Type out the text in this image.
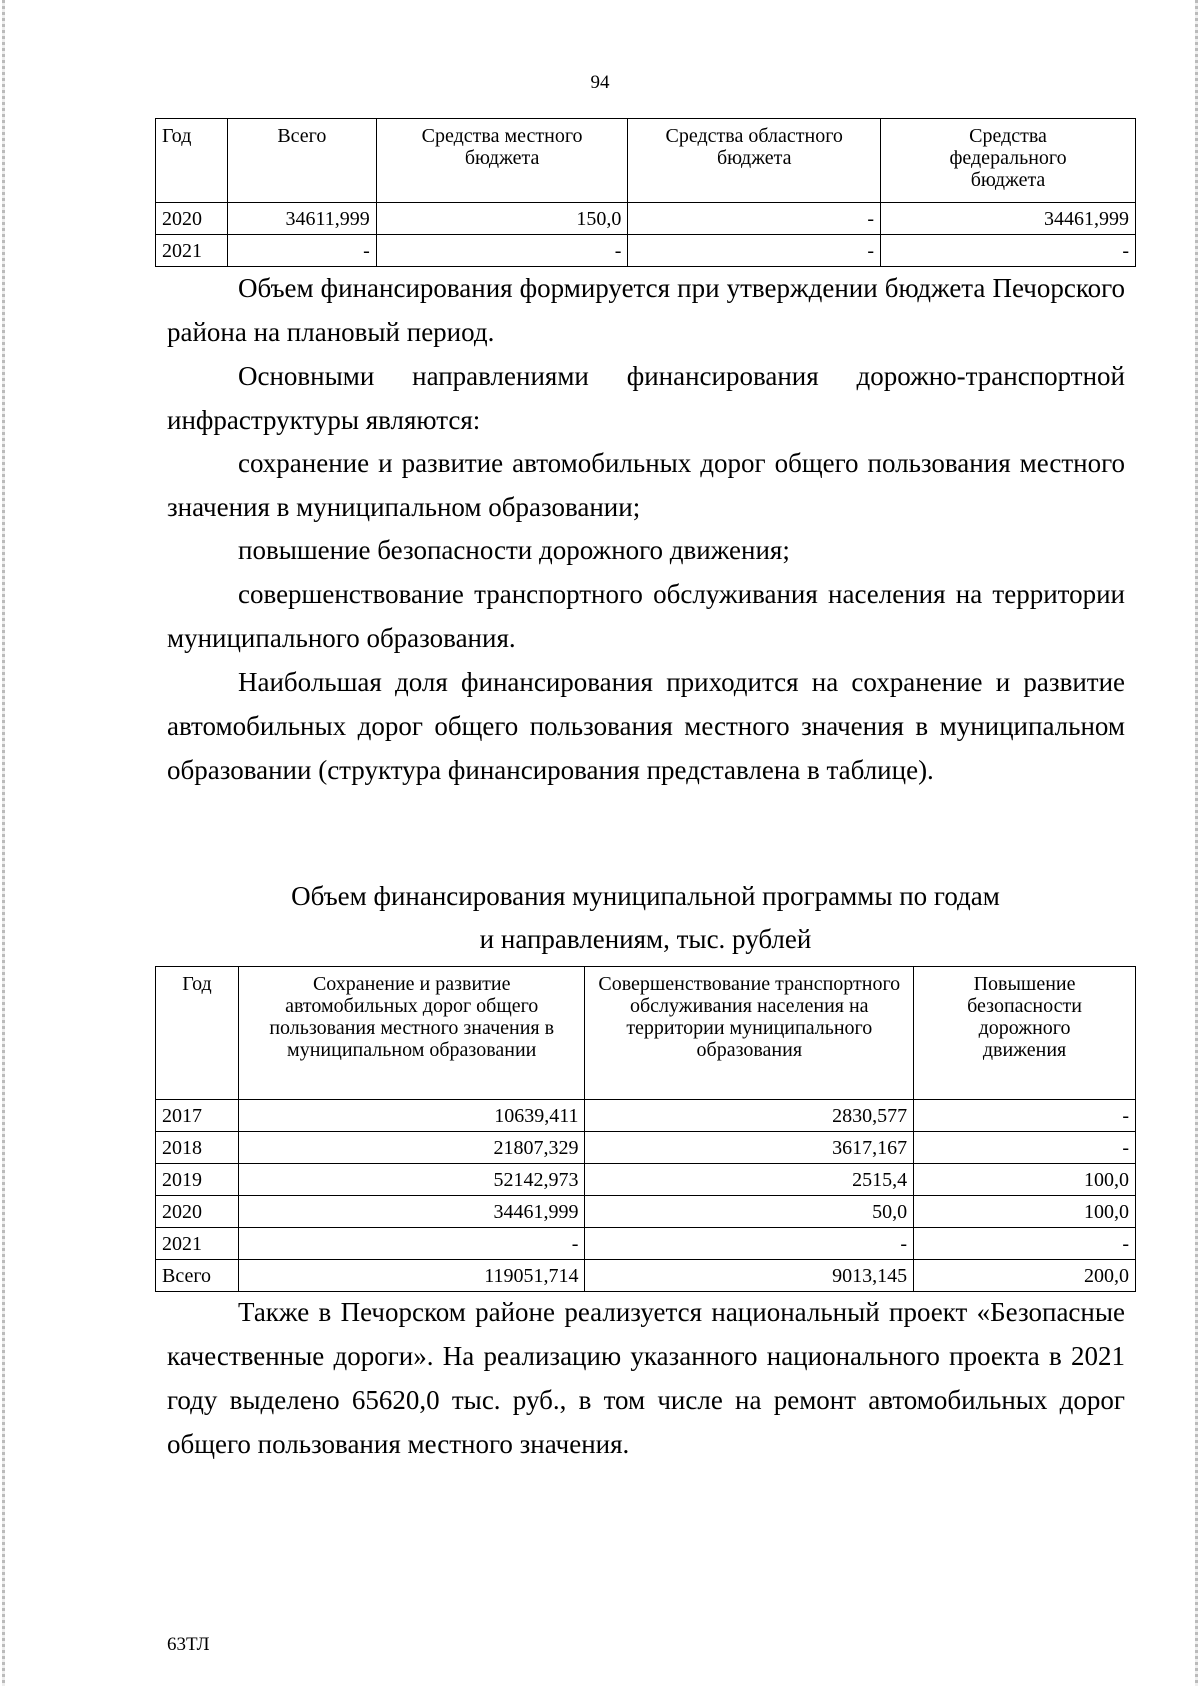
94
Год	Всего	Средства местного бюджета	Средства областного бюджета	Средства федерального бюджета
2020	34611,999	150,0	-	34461,999
2021	-	-	-	-

Объем финансирования формируется при утверждении бюджета Печорского района на плановый период.

Основными направлениями финансирования дорожно-транспортной инфраструктуры являются:

сохранение и развитие автомобильных дорог общего пользования местного значения в муниципальном образовании;

повышение безопасности дорожного движения;

совершенствование транспортного обслуживания населения на территории муниципального образования.

Наибольшая доля финансирования приходится на сохранение и развитие автомобильных дорог общего пользования местного значения в муниципальном образовании (структура финансирования представлена в таблице).

Объем финансирования муниципальной программы по годам

и направлениям, тыс. рублей

Год	Сохранение и развитие автомобильных дорог общего пользования местного значения в муниципальном образовании	Совершенствование транспортного обслуживания населения на территории муниципального образования	Повышение безопасности дорожного движения
2017	10639,411	2830,577	-
2018	21807,329	3617,167	-
2019	52142,973	2515,4	100,0
2020	34461,999	50,0	100,0
2021	-	-	-
Всего	119051,714	9013,145	200,0

Также в Печорском районе реализуется национальный проект «Безопасные качественные дороги». На реализацию указанного национального проекта в 2021 году выделено 65620,0 тыс. руб., в том числе на ремонт автомобильных дорог общего пользования местного значения.

63ТЛ
